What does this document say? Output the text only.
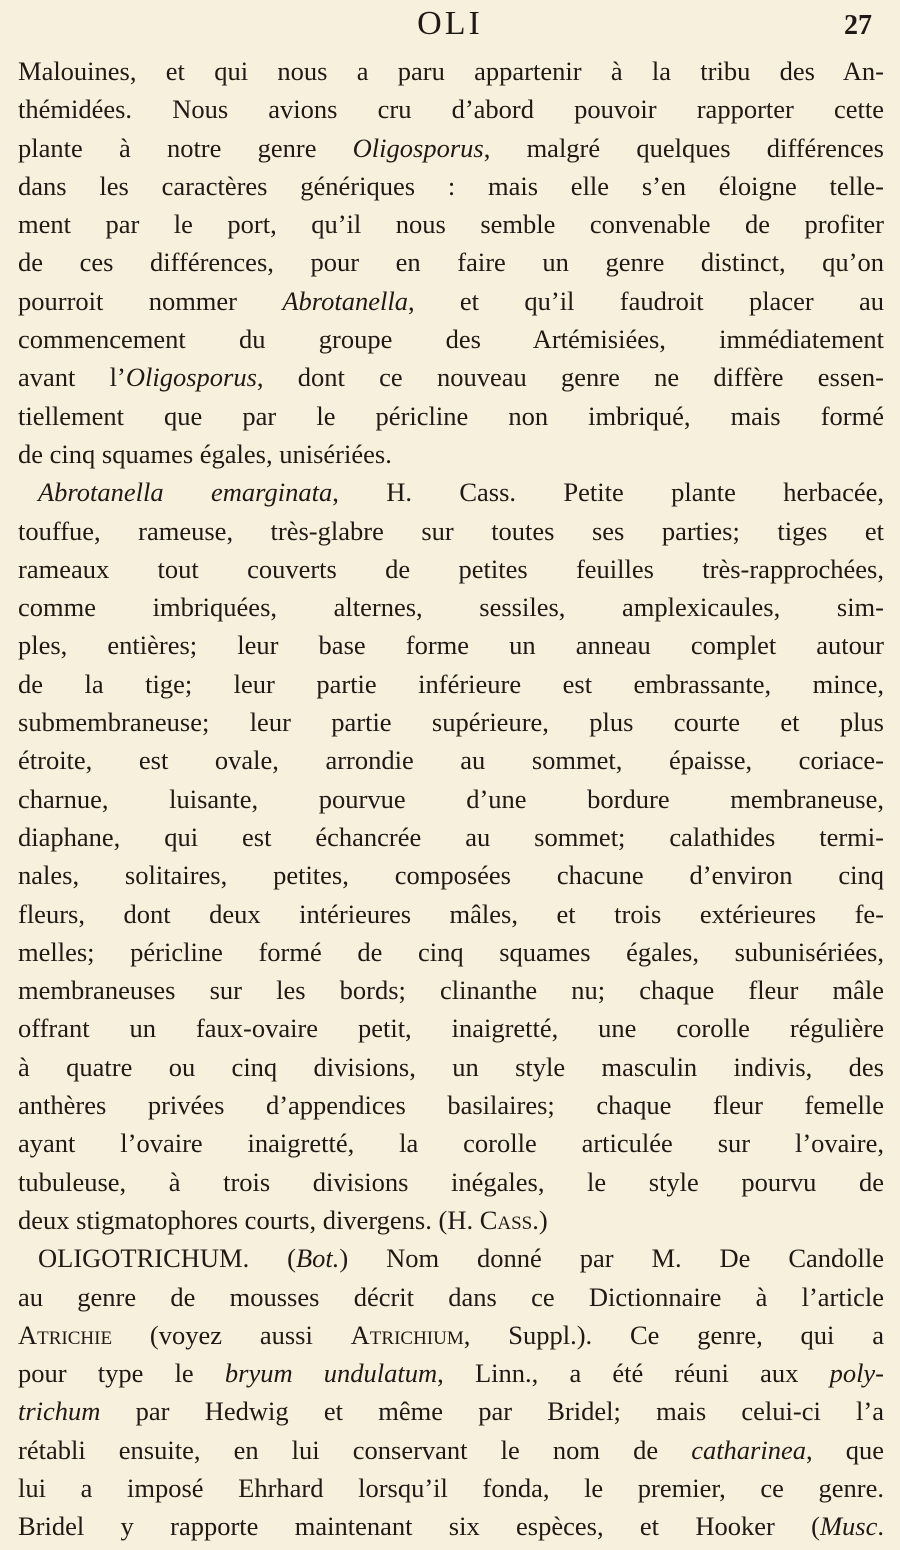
OLI	27
Malouines, et qui nous a paru appartenir à la tribu des An-
thémidées. Nous avions cru d’abord pouvoir rapporter cette
plante à notre genre Oligosporus, malgré quelques différences
dans les caractères génériques : mais elle s’en éloigne telle-
ment par le port, qu’il nous semble convenable de profiter
de ces différences, pour en faire un genre distinct, qu’on
pourroit nommer Abrotanella, et qu’il faudroit placer au
commencement du groupe des Artémisiées, immédiatement
avant l’Oligosporus, dont ce nouveau genre ne diffère essen-
tiellement que par le péricline non imbriqué, mais formé
de cinq squames égales, unisériées.
Abrotanella emarginata, H. Cass. Petite plante herbacée,
touffue, rameuse, très-glabre sur toutes ses parties; tiges et
rameaux tout couverts de petites feuilles très-rapprochées,
comme imbriquées, alternes, sessiles, amplexicaules, sim-
ples, entières; leur base forme un anneau complet autour
de la tige; leur partie inférieure est embrassante, mince,
submembraneuse; leur partie supérieure, plus courte et plus
étroite, est ovale, arrondie au sommet, épaisse, coriace-
charnue, luisante, pourvue d’une bordure membraneuse,
diaphane, qui est échancrée au sommet; calathides termi-
nales, solitaires, petites, composées chacune d’environ cinq
fleurs, dont deux intérieures mâles, et trois extérieures fe-
melles; péricline formé de cinq squames égales, subunisériées,
membraneuses sur les bords; clinanthe nu; chaque fleur mâle
offrant un faux-ovaire petit, inaigretté, une corolle régulière
à quatre ou cinq divisions, un style masculin indivis, des
anthères privées d’appendices basilaires; chaque fleur femelle
ayant l’ovaire inaigretté, la corolle articulée sur l’ovaire,
tubuleuse, à trois divisions inégales, le style pourvu de
deux stigmatophores courts, divergens. (H. Cass.)
OLIGOTRICHUM. (Bot.) Nom donné par M. De Candolle
au genre de mousses décrit dans ce Dictionnaire à l’article
Atrichie (voyez aussi Atrichium, Suppl.). Ce genre, qui a
pour type le bryum undulatum, Linn., a été réuni aux poly-
trichum par Hedwig et même par Bridel; mais celui-ci l’a
rétabli ensuite, en lui conservant le nom de catharinea, que
lui a imposé Ehrhard lorsqu’il fonda, le premier, ce genre.
Bridel y rapporte maintenant six espèces, et Hooker (Musc.
